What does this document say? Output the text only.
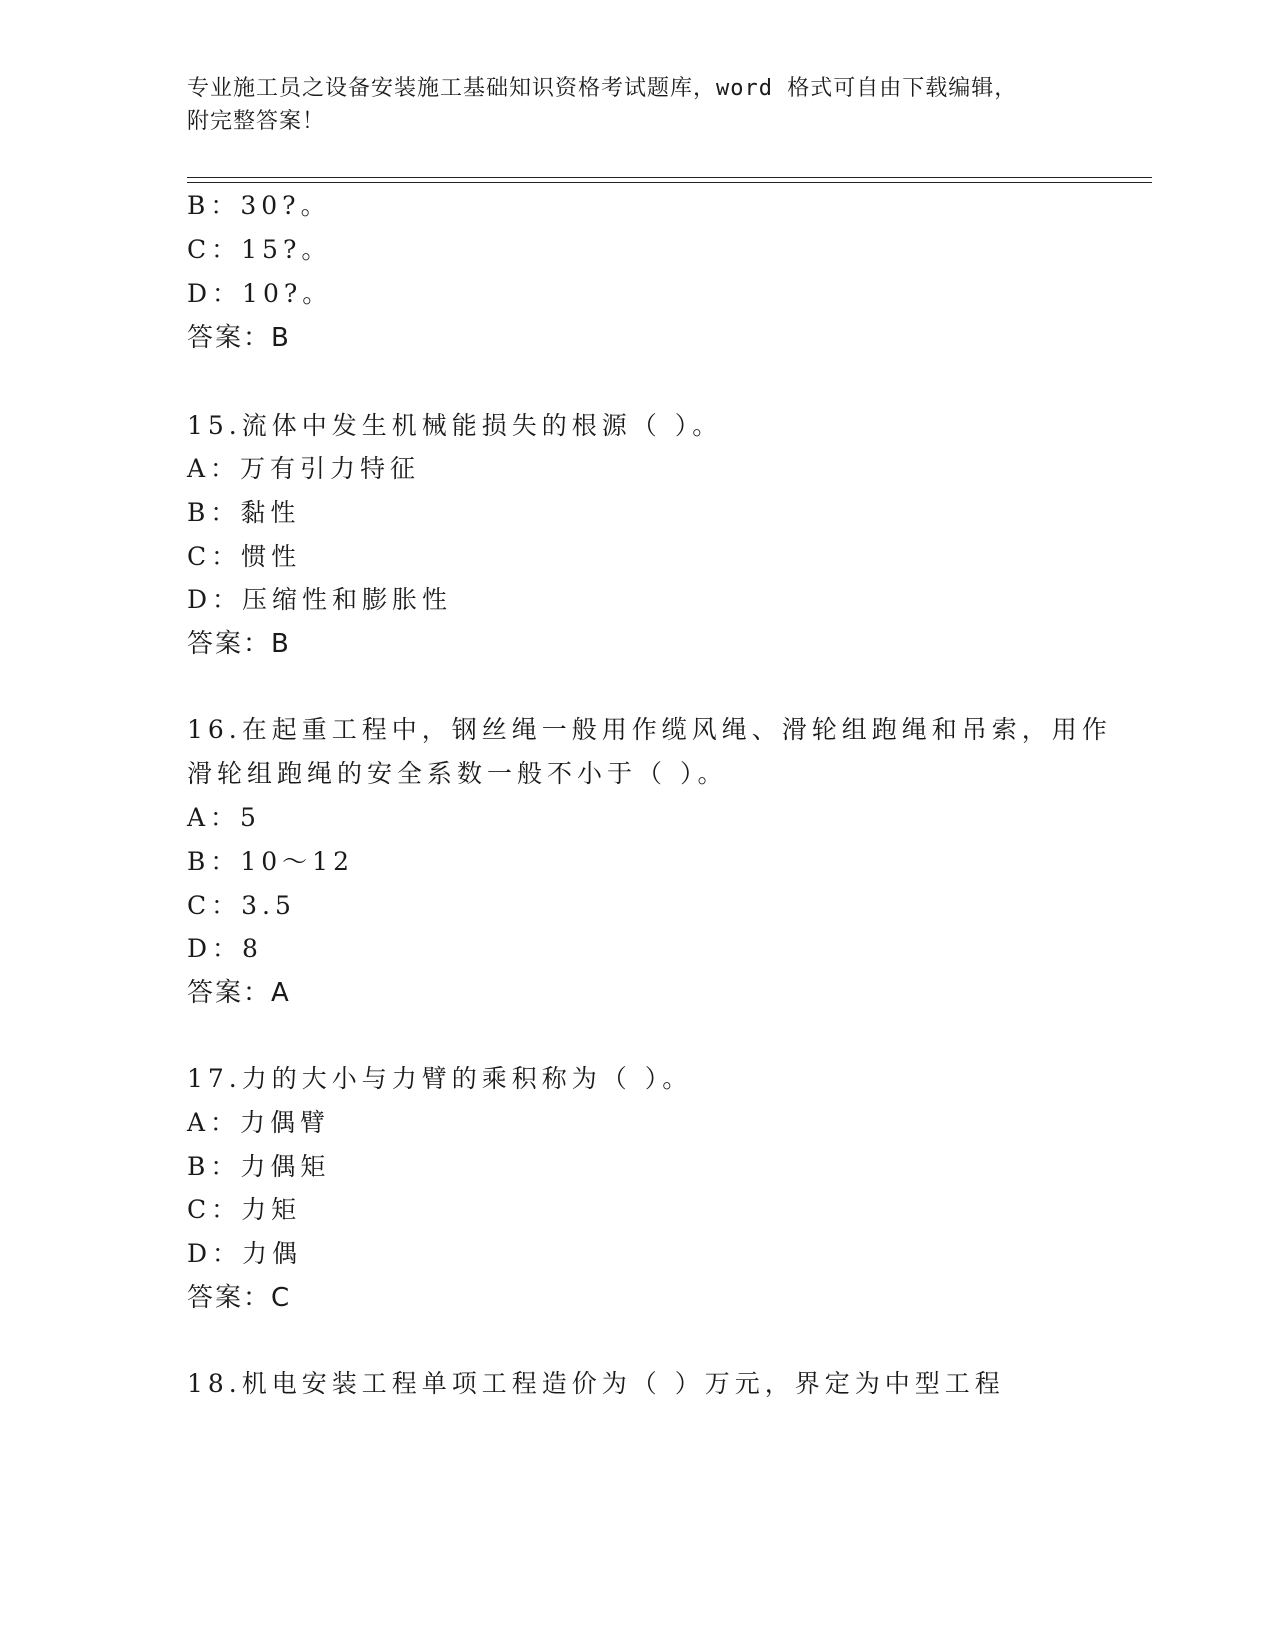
专业施工员之设备安装施工基础知识资格考试题库，word 格式可自由下载编辑，
附完整答案！
B：30?。
C：15?。
D：10?。
答案：B
15.流体中发生机械能损失的根源（ ）。
A：万有引力特征
B：黏性
C：惯性
D：压缩性和膨胀性
答案：B
16.在起重工程中，钢丝绳一般用作缆风绳、滑轮组跑绳和吊索，用作
滑轮组跑绳的安全系数一般不小于（ ）。
A：5
B：10～12
C：3.5
D：8
答案：A
17.力的大小与力臂的乘积称为（ ）。
A：力偶臂
B：力偶矩
C：力矩
D：力偶
答案：C
18.机电安装工程单项工程造价为（ ）万元，界定为中型工程
